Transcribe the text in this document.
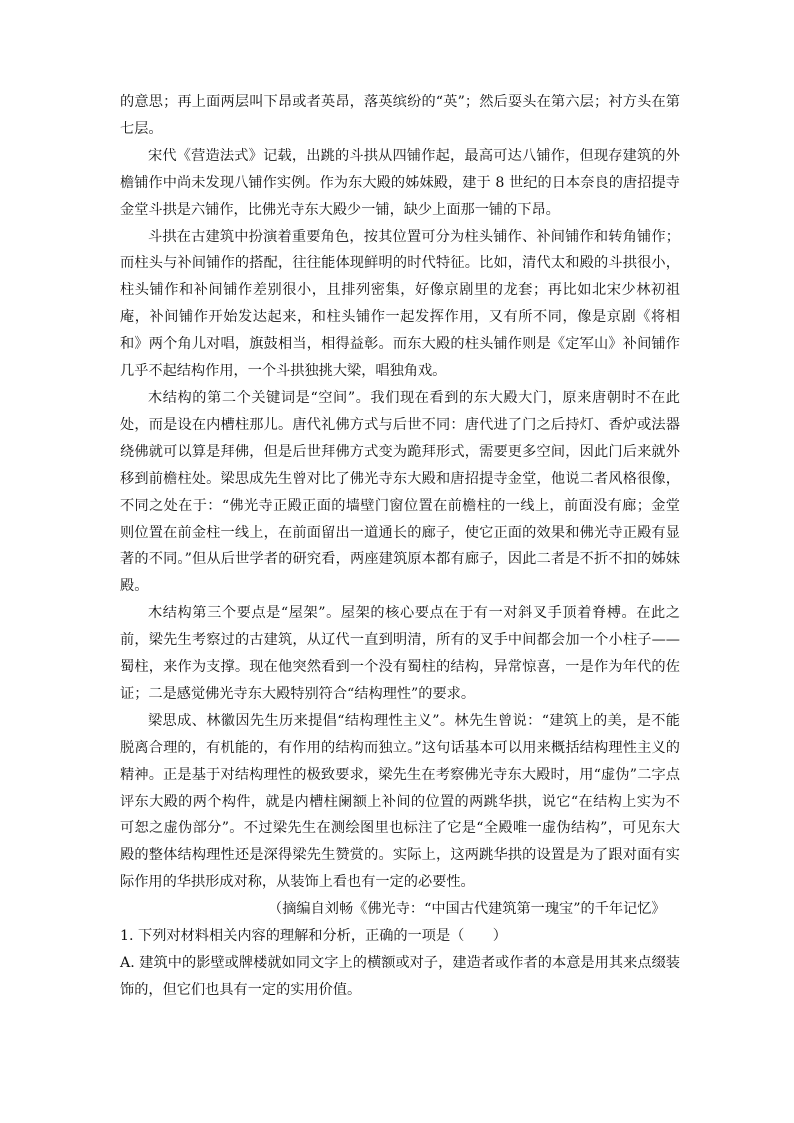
的意思；再上面两层叫下昂或者英昂，落英缤纷的“英”；然后耍头在第六层；衬方头在第七层。

宋代《营造法式》记载，出跳的斗拱从四铺作起，最高可达八铺作，但现存建筑的外檐铺作中尚未发现八铺作实例。作为东大殿的姊妹殿，建于 8 世纪的日本奈良的唐招提寺金堂斗拱是六铺作，比佛光寺东大殿少一铺，缺少上面那一铺的下昂。

斗拱在古建筑中扮演着重要角色，按其位置可分为柱头铺作、补间铺作和转角铺作；而柱头与补间铺作的搭配，往往能体现鲜明的时代特征。比如，清代太和殿的斗拱很小，柱头铺作和补间铺作差别很小，且排列密集，好像京剧里的龙套；再比如北宋少林初祖庵，补间铺作开始发达起来，和柱头铺作一起发挥作用，又有所不同，像是京剧《将相和》两个角儿对唱，旗鼓相当，相得益彰。而东大殿的柱头铺作则是《定军山》补间铺作几乎不起结构作用，一个斗拱独挑大梁，唱独角戏。

木结构的第二个关键词是“空间”。我们现在看到的东大殿大门，原来唐朝时不在此处，而是设在内槽柱那儿。唐代礼佛方式与后世不同：唐代进了门之后持灯、香炉或法器绕佛就可以算是拜佛，但是后世拜佛方式变为跪拜形式，需要更多空间，因此门后来就外移到前檐柱处。梁思成先生曾对比了佛光寺东大殿和唐招提寺金堂，他说二者风格很像，不同之处在于：“佛光寺正殿正面的墙壁门窗位置在前檐柱的一线上，前面没有廊；金堂则位置在前金柱一线上，在前面留出一道通长的廊子，使它正面的效果和佛光寺正殿有显著的不同。”但从后世学者的研究看，两座建筑原本都有廊子，因此二者是不折不扣的姊妹殿。

木结构第三个要点是“屋架”。屋架的核心要点在于有一对斜叉手顶着脊榑。在此之前，梁先生考察过的古建筑，从辽代一直到明清，所有的叉手中间都会加一个小柱子——蜀柱，来作为支撑。现在他突然看到一个没有蜀柱的结构，异常惊喜，一是作为年代的佐证；二是感觉佛光寺东大殿特别符合“结构理性”的要求。

梁思成、林徽因先生历来提倡“结构理性主义”。林先生曾说：“建筑上的美，是不能脱离合理的，有机能的，有作用的结构而独立。”这句话基本可以用来概括结构理性主义的精神。正是基于对结构理性的极致要求，梁先生在考察佛光寺东大殿时，用“虚伪”二字点评东大殿的两个构件，就是内槽柱阑额上补间的位置的两跳华拱，说它“在结构上实为不可恕之虚伪部分”。不过梁先生在测绘图里也标注了它是“全殿唯一虚伪结构”，可见东大殿的整体结构理性还是深得梁先生赞赏的。实际上，这两跳华拱的设置是为了跟对面有实际作用的华拱形成对称，从装饰上看也有一定的必要性。

（摘编自刘畅《佛光寺：“中国古代建筑第一瑰宝”的千年记忆》

1. 下列对材料相关内容的理解和分析，正确的一项是（　　）

A. 建筑中的影壁或牌楼就如同文字上的横额或对子，建造者或作者的本意是用其来点缀装饰的，但它们也具有一定的实用价值。
